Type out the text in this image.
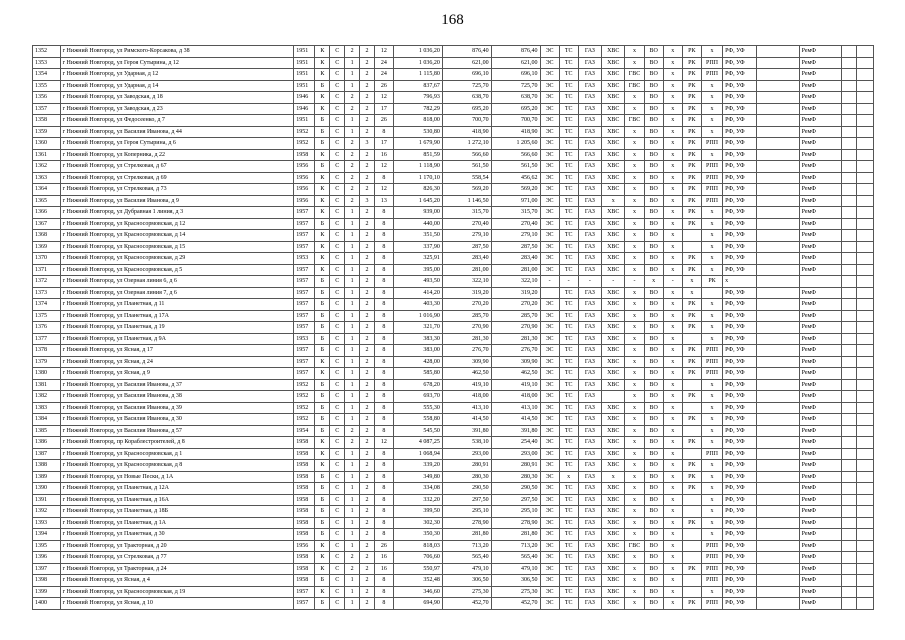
168
1352	г Нижний Новгород, ул Римского-Корсакова, д 38	1951	К	С	2	2	12	1 036,20	876,40	876,40	ЭС	ТС	ГАЗ	ХВС	х	ВО	х	РК	х	РФ, УФ		РемФ		
1353	г Нижний Новгород, ул Героя Сутырина, д 12	1951	К	С	1	2	24	1 036,20	621,00	621,00	ЭС	ТС	ГАЗ	ХВС	х	ВО	х	РК	РПП	РФ, УФ		РемФ		
1354	г Нижний Новгород, ул Ударная, д 12	1951	К	С	1	2	24	1 115,80	696,10	696,10	ЭС	ТС	ГАЗ	ХВС	ГВС	ВО	х	РК	РПП	РФ, УФ		РемФ		
1355	г Нижний Новгород, ул Ударная, д 14	1951	Б	С	1	2	26	837,67	725,70	725,70	ЭС	ТС	ГАЗ	ХВС	ГВС	ВО	х	РК	х	РФ, УФ		РемФ		
1356	г Нижний Новгород, ул Заводская, д 18	1946	К	С	2	2	12	796,93	638,70	638,70	ЭС	ТС	ГАЗ	ХВС	х	ВО	х	РК	х	РФ, УФ		РемФ		
1357	г Нижний Новгород, ул Заводская, д 23	1946	К	С	2	2	17	782,29	695,20	695,20	ЭС	ТС	ГАЗ	ХВС	х	ВО	х	РК	х	РФ, УФ		РемФ		
1358	г Нижний Новгород, ул Федосеенко, д 7	1951	Б	С	1	2	26	818,00	700,70	700,70	ЭС	ТС	ГАЗ	ХВС	ГВС	ВО	х	РК	х	РФ, УФ		РемФ		
1359	г Нижний Новгород, ул Василия Иванова, д 44	1952	Б	С	1	2	8	530,80	418,90	418,90	ЭС	ТС	ГАЗ	ХВС	х	ВО	х	РК	х	РФ, УФ		РемФ		
1360	г Нижний Новгород, ул Героя Сутырина, д 6	1952	Б	С	2	3	17	1 679,90	1 272,10	1 205,60	ЭС	ТС	ГАЗ	ХВС	х	ВО	х	РК	РПП	РФ, УФ		РемФ		
1361	г Нижний Новгород, ул Коперника, д 22	1958	К	С	2	2	16	851,59	566,60	566,60	ЭС	ТС	ГАЗ	ХВС	х	ВО	х	РК	х	РФ, УФ		РемФ		
1362	г Нижний Новгород, ул Стрелковая, д 67	1956	Б	С	2	2	12	1 118,90	561,50	561,50	ЭС	ТС	ГАЗ	ХВС	х	ВО	х	РК	РПП	РФ, УФ		РемФ		
1363	г Нижний Новгород, ул Стрелковая, д 69	1956	К	С	2	2	8	1 170,10	558,54	456,62	ЭС	ТС	ГАЗ	ХВС	х	ВО	х	РК	РПП	РФ, УФ		РемФ		
1364	г Нижний Новгород, ул Стрелковая, д 73	1956	К	С	2	2	12	826,30	569,20	569,20	ЭС	ТС	ГАЗ	ХВС	х	ВО	х	РК	РПП	РФ, УФ		РемФ		
1365	г Нижний Новгород, ул Василия Иванова, д 9	1956	К	С	2	3	13	1 645,20	1 146,50	971,00	ЭС	ТС	ГАЗ	х	х	ВО	х	РК	РПП	РФ, УФ		РемФ		
1366	г Нижний Новгород, ул Дубравная 1 линия, д 3	1957	К	С	1	2	8	939,00	315,70	315,70	ЭС	ТС	ГАЗ	ХВС	х	ВО	х	РК	х	РФ, УФ		РемФ		
1367	г Нижний Новгород, ул Красносормовская, д 12	1957	Б	С	1	2	8	440,00	270,40	270,40	ЭС	ТС	ГАЗ	ХВС	х	ВО	х	РК	х	РФ, УФ		РемФ		
1368	г Нижний Новгород, ул Красносормовская, д 14	1957	К	С	1	2	8	351,50	279,10	279,10	ЭС	ТС	ГАЗ	ХВС	х	ВО	х		х	РФ, УФ		РемФ		
1369	г Нижний Новгород, ул Красносормовская, д 15	1957	К	С	1	2	8	337,90	287,50	287,50	ЭС	ТС	ГАЗ	ХВС	х	ВО	х		х	РФ, УФ		РемФ		
1370	г Нижний Новгород, ул Красносормовская, д 29	1953	К	С	1	2	8	325,91	283,40	283,40	ЭС	ТС	ГАЗ	ХВС	х	ВО	х	РК	х	РФ, УФ		РемФ		
1371	г Нижний Новгород, ул Красносормовская, д 5	1957	К	С	1	2	8	395,00	281,00	281,00	ЭС	ТС	ГАЗ	ХВС	х	ВО	х	РК	х	РФ, УФ		РемФ		
1372	г Нижний Новгород, ул Озерная линия 6, д 6	1957	Б	С	1	2	8	493,50	322,10	322,10	-	-	-	-	-	х	-	х	РК	х				
1373	г Нижний Новгород, ул Озерная линия 7, д 6	1957	Б	С	1	2	8	414,20	319,20	319,20		ТС	ГАЗ	ХВС	х	ВО	х	х		РФ, УФ		РемФ		
1374	г Нижний Новгород, ул Планетная, д 11	1957	Б	С	1	2	8	403,30	270,20	270,20	ЭС	ТС	ГАЗ	ХВС	х	ВО	х	РК	х	РФ, УФ		РемФ		
1375	г Нижний Новгород, ул Планетная, д 17А	1957	Б	С	1	2	8	1 016,90	285,70	285,70	ЭС	ТС	ГАЗ	ХВС	х	ВО	х	РК	х	РФ, УФ		РемФ		
1376	г Нижний Новгород, ул Планетная, д 19	1957	Б	С	1	2	8	321,70	270,90	270,90	ЭС	ТС	ГАЗ	ХВС	х	ВО	х	РК	х	РФ, УФ		РемФ		
1377	г Нижний Новгород, ул Планетная, д 9А	1953	Б	С	1	2	8	383,30	281,30	281,30	ЭС	ТС	ГАЗ	ХВС	х	ВО	х		х	РФ, УФ		РемФ		
1378	г Нижний Новгород, ул Ясная, д 17	1957	Б	С	1	2	8	383,00	276,70	276,70	ЭС	ТС	ГАЗ	ХВС	х	ВО	х	РК	РПП	РФ, УФ		РемФ		
1379	г Нижний Новгород, ул Ясная, д 24	1957	К	С	1	2	8	428,00	309,90	309,90	ЭС	ТС	ГАЗ	ХВС	х	ВО	х	РК	РПП	РФ, УФ		РемФ		
1380	г Нижний Новгород, ул Ясная, д 9	1957	К	С	1	2	8	585,80	462,50	462,50	ЭС	ТС	ГАЗ	ХВС	х	ВО	х	РК	РПП	РФ, УФ		РемФ		
1381	г Нижний Новгород, ул Василия Иванова, д 37	1952	Б	С	1	2	8	678,20	419,10	419,10	ЭС	ТС	ГАЗ	ХВС	х	ВО	х		х	РФ, УФ		РемФ		
1382	г Нижний Новгород, ул Василия Иванова, д 38	1952	Б	С	1	2	8	693,70	418,00	418,00	ЭС	ТС	ГАЗ		х	ВО	х	РК	х	РФ, УФ		РемФ		
1383	г Нижний Новгород, ул Василия Иванова, д 39	1952	Б	С	1	2	8	555,30	413,10	413,10	ЭС	ТС	ГАЗ	ХВС	х	ВО	х		х	РФ, УФ		РемФ		
1384	г Нижний Новгород, ул Василия Иванова, д 30	1952	Б	С	1	2	8	558,80	414,50	414,50	ЭС	ТС	ГАЗ	ХВС	х	ВО	х	РК	х	РФ, УФ		РемФ		
1385	г Нижний Новгород, ул Василия Иванова, д 57	1954	Б	С	2	2	8	545,50	391,80	391,80	ЭС	ТС	ГАЗ	ХВС	х	ВО	х		х	РФ, УФ		РемФ		
1386	г Нижний Новгород, пр Кораблестроителей, д 8	1958	К	С	2	2	12	4 087,25	538,10	254,40	ЭС	ТС	ГАЗ	ХВС	х	ВО	х	РК	х	РФ, УФ		РемФ		
1387	г Нижний Новгород, ул Красносормовская, д 1	1958	К	С	1	2	8	1 068,94	293,00	293,00	ЭС	ТС	ГАЗ	ХВС	х	ВО	х		РПП	РФ, УФ		РемФ		
1388	г Нижний Новгород, ул Красносормовская, д 8	1958	К	С	1	2	8	339,20	280,91	280,91	ЭС	ТС	ГАЗ	ХВС	х	ВО	х	РК	х	РФ, УФ		РемФ		
1389	г Нижний Новгород, ул Новые Пески, д 1А	1958	Б	С	1	2	8	349,80	280,30	280,30	ЭС	х	ГАЗ	х	х	ВО	х	РК	х	РФ, УФ		РемФ		
1390	г Нижний Новгород, ул Планетная, д 12А	1958	Б	С	1	2	8	334,08	290,50	290,50	ЭС	ТС	ГАЗ	ХВС	х	ВО	х	РК	х	РФ, УФ		РемФ		
1391	г Нижний Новгород, ул Планетная, д 16А	1958	Б	С	1	2	8	332,20	297,50	297,50	ЭС	ТС	ГАЗ	ХВС	х	ВО	х		х	РФ, УФ		РемФ		
1392	г Нижний Новгород, ул Планетная, д 18Б	1958	Б	С	1	2	8	399,50	295,10	295,10	ЭС	ТС	ГАЗ	ХВС	х	ВО	х		х	РФ, УФ		РемФ		
1393	г Нижний Новгород, ул Планетная, д 1А	1958	Б	С	1	2	8	302,30	278,90	278,90	ЭС	ТС	ГАЗ	ХВС	х	ВО	х	РК	х	РФ, УФ		РемФ		
1394	г Нижний Новгород, ул Планетная, д 30	1958	Б	С	1	2	8	350,30	281,80	281,80	ЭС	ТС	ГАЗ	ХВС	х	ВО	х		х	РФ, УФ		РемФ		
1395	г Нижний Новгород, ул Тракторная, д 20	1956	К	С	1	2	26	818,03	713,20	713,20	ЭС	ТС	ГАЗ	ХВС	ГВС	ВО	х		РПП	РФ, УФ		РемФ		
1396	г Нижний Новгород, ул Стрелковая, д 77	1958	К	С	2	2	16	706,60	565,40	565,40	ЭС	ТС	ГАЗ	ХВС	х	ВО	х		РПП	РФ, УФ		РемФ		
1397	г Нижний Новгород, ул Тракторная, д 24	1958	К	С	2	2	16	550,97	479,10	479,10	ЭС	ТС	ГАЗ	ХВС	х	ВО	х	РК	РПП	РФ, УФ		РемФ		
1398	г Нижний Новгород, ул Ясная, д 4	1958	Б	С	1	2	8	352,48	306,50	306,50	ЭС	ТС	ГАЗ	ХВС	х	ВО	х		РПП	РФ, УФ		РемФ		
1399	г Нижний Новгород, ул Красносормовская, д 19	1957	К	С	1	2	8	346,60	275,30	275,30	ЭС	ТС	ГАЗ	ХВС	х	ВО	х		х	РФ, УФ		РемФ		
1400	г Нижний Новгород, ул Ясная, д 10	1957	Б	С	1	2	8	694,90	452,70	452,70	ЭС	ТС	ГАЗ	ХВС	х	ВО	х	РК	РПП	РФ, УФ		РемФ		
